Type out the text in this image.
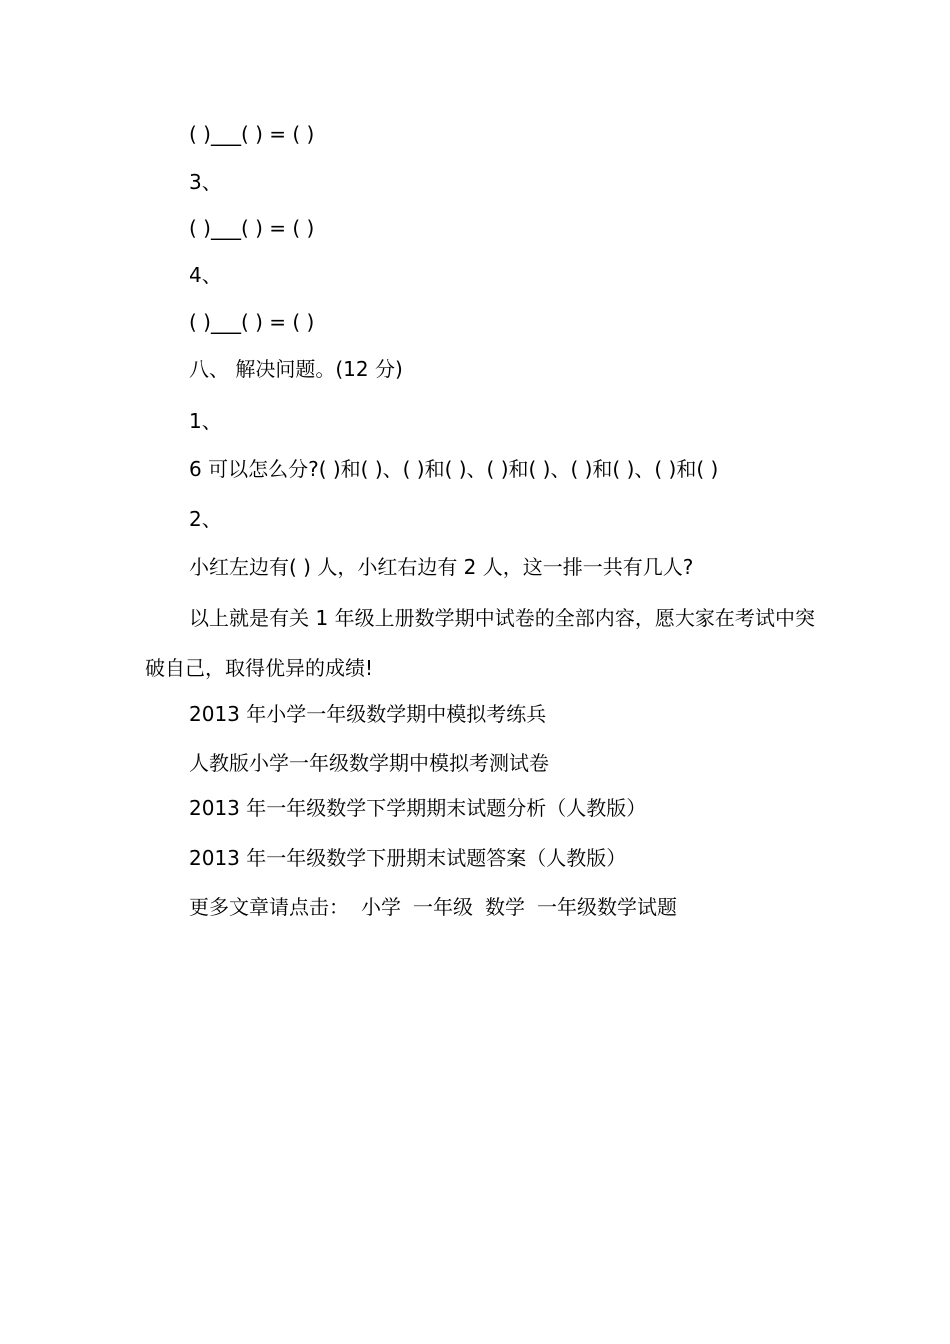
( )___( ) = ( )
3、
( )___( ) = ( )
4、
( )___( ) = ( )
八、 解决问题。(12 分)
1、
6 可以怎么分?( )和( )、( )和( )、( )和( )、( )和( )、( )和( )
2、
小红左边有( ) 人，小红右边有 2 人，这一排一共有几人?
以上就是有关 1 年级上册数学期中试卷的全部内容，愿大家在考试中突破自己，取得优异的成绩!
2013 年小学一年级数学期中模拟考练兵
人教版小学一年级数学期中模拟考测试卷
2013 年一年级数学下学期期末试题分析（人教版）
2013 年一年级数学下册期末试题答案（人教版）
更多文章请点击： 小学 一年级 数学 一年级数学试题
